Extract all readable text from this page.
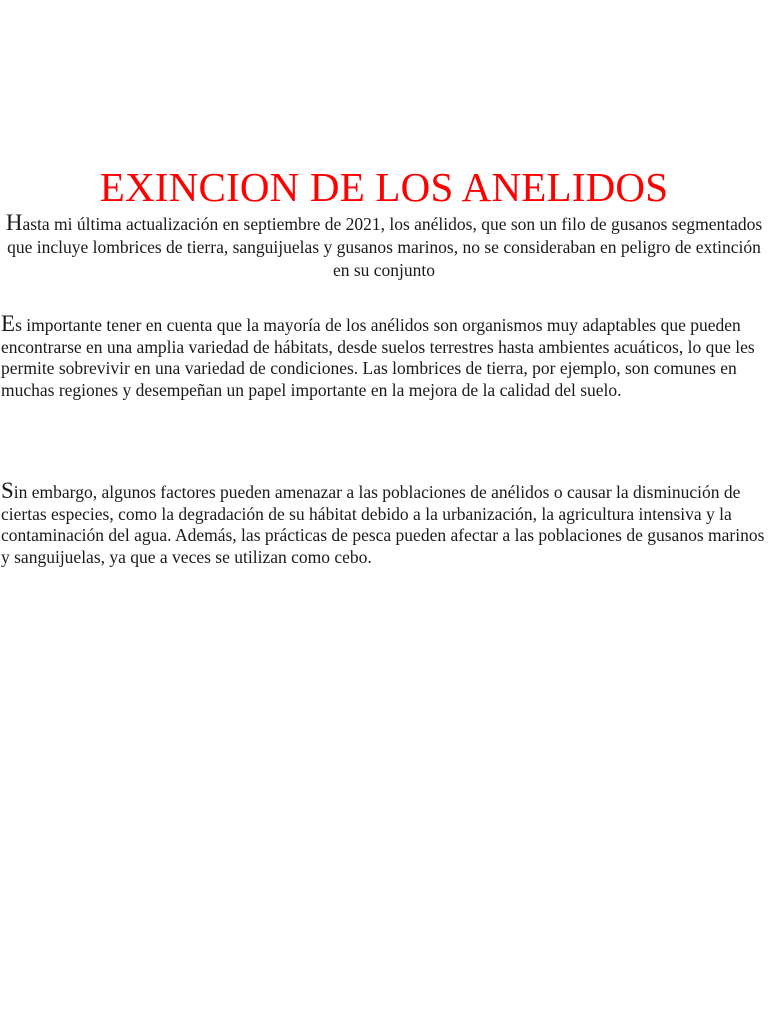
EXINCION DE LOS ANELIDOS

Hasta mi última actualización en septiembre de 2021, los anélidos, que son un filo de gusanos segmentados que incluye lombrices de tierra, sanguijuelas y gusanos marinos, no se consideraban en peligro de extinción en su conjunto

Es importante tener en cuenta que la mayoría de los anélidos son organismos muy adaptables que pueden encontrarse en una amplia variedad de hábitats, desde suelos terrestres hasta ambientes acuáticos, lo que les permite sobrevivir en una variedad de condiciones. Las lombrices de tierra, por ejemplo, son comunes en muchas regiones y desempeñan un papel importante en la mejora de la calidad del suelo.

Sin embargo, algunos factores pueden amenazar a las poblaciones de anélidos o causar la disminución de ciertas especies, como la degradación de su hábitat debido a la urbanización, la agricultura intensiva y la contaminación del agua. Además, las prácticas de pesca pueden afectar a las poblaciones de gusanos marinos y sanguijuelas, ya que a veces se utilizan como cebo.
